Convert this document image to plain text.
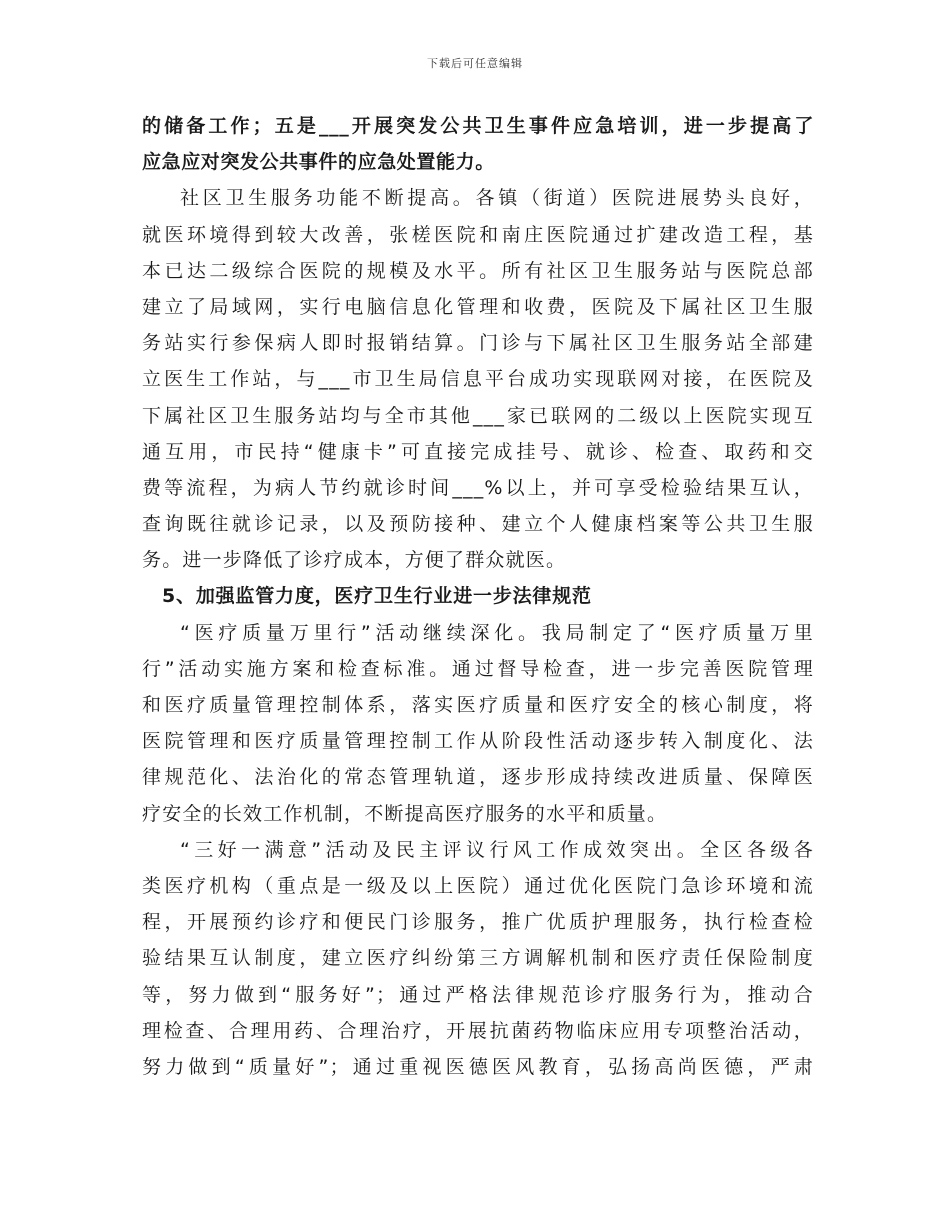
下载后可任意编辑
的储备工作；五是___开展突发公共卫生事件应急培训，进一步提高了
应急应对突发公共事件的应急处置能力。
社区卫生服务功能不断提高。各镇（街道）医院进展势头良好，
就医环境得到较大改善，张槎医院和南庄医院通过扩建改造工程，基
本已达二级综合医院的规模及水平。所有社区卫生服务站与医院总部
建立了局域网，实行电脑信息化管理和收费，医院及下属社区卫生服
务站实行参保病人即时报销结算。门诊与下属社区卫生服务站全部建
立医生工作站，与___市卫生局信息平台成功实现联网对接，在医院及
下属社区卫生服务站均与全市其他___家已联网的二级以上医院实现互
通互用，市民持“健康卡”可直接完成挂号、就诊、检查、取药和交
费等流程，为病人节约就诊时间___%以上，并可享受检验结果互认，
查询既往就诊记录，以及预防接种、建立个人健康档案等公共卫生服
务。进一步降低了诊疗成本，方便了群众就医。
5、加强监管力度，医疗卫生行业进一步法律规范
“医疗质量万里行”活动继续深化。我局制定了“医疗质量万里
行”活动实施方案和检查标准。通过督导检查，进一步完善医院管理
和医疗质量管理控制体系，落实医疗质量和医疗安全的核心制度，将
医院管理和医疗质量管理控制工作从阶段性活动逐步转入制度化、法
律规范化、法治化的常态管理轨道，逐步形成持续改进质量、保障医
疗安全的长效工作机制，不断提高医疗服务的水平和质量。
“三好一满意”活动及民主评议行风工作成效突出。全区各级各
类医疗机构（重点是一级及以上医院）通过优化医院门急诊环境和流
程，开展预约诊疗和便民门诊服务，推广优质护理服务，执行检查检
验结果互认制度，建立医疗纠纷第三方调解机制和医疗责任保险制度
等，努力做到“服务好”；通过严格法律规范诊疗服务行为，推动合
理检查、合理用药、合理治疗，开展抗菌药物临床应用专项整治活动，
努力做到“质量好”；通过重视医德医风教育，弘扬高尚医德，严肃
